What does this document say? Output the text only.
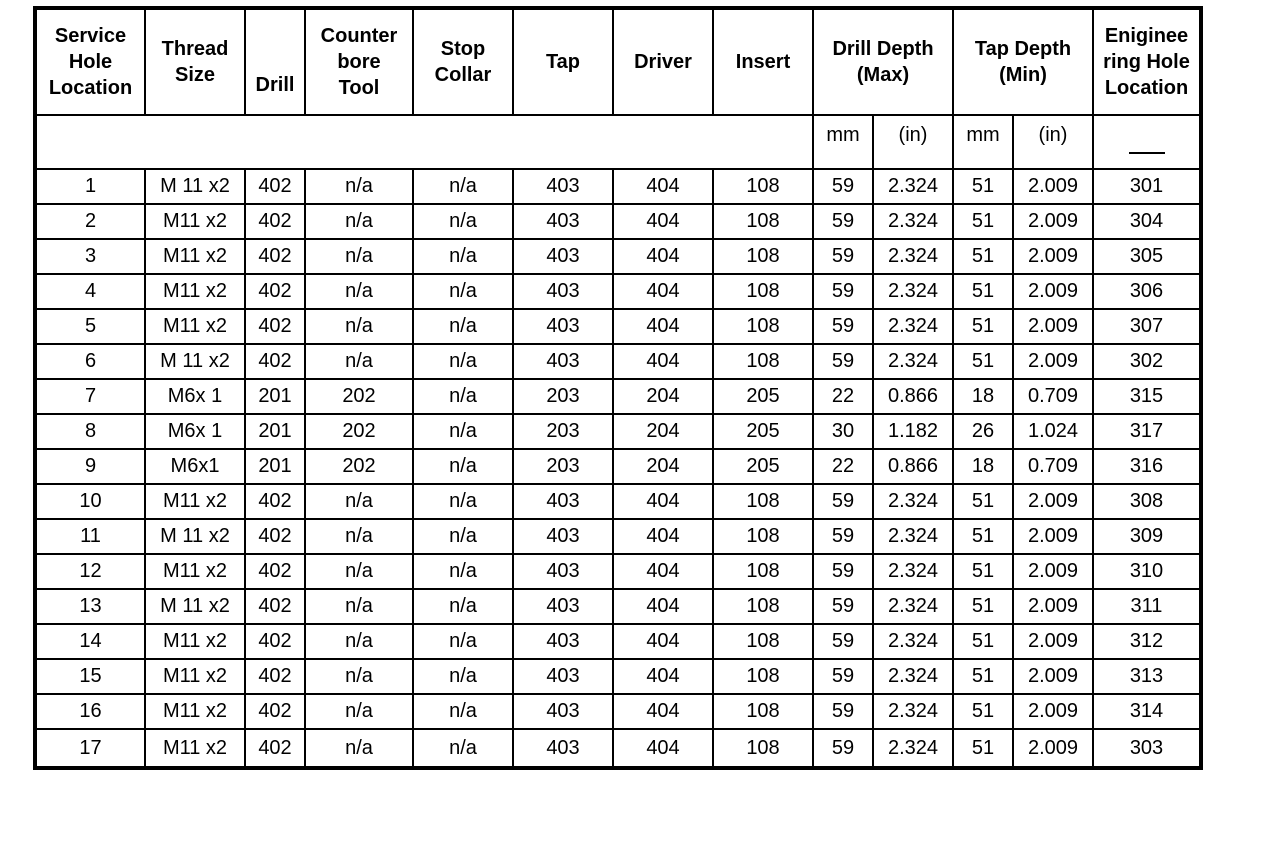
Service
Hole
Location	Thread
Size	Drill	Counter
bore
Tool	Stop
Collar	Tap	Driver	Insert	Drill Depth
(Max)		Tap Depth
(Min)		Eniginee
ring Hole
Location

								mm	(in)	mm	(in)	
1	M 11 x2	402	n/a	n/a	403	404	108	59	2.324	51	2.009	301
2	M11 x2	402	n/a	n/a	403	404	108	59	2.324	51	2.009	304
3	M11 x2	402	n/a	n/a	403	404	108	59	2.324	51	2.009	305
4	M11 x2	402	n/a	n/a	403	404	108	59	2.324	51	2.009	306
5	M11 x2	402	n/a	n/a	403	404	108	59	2.324	51	2.009	307
6	M 11 x2	402	n/a	n/a	403	404	108	59	2.324	51	2.009	302
7	M6x 1	201	202	n/a	203	204	205	22	0.866	18	0.709	315
8	M6x 1	201	202	n/a	203	204	205	30	1.182	26	1.024	317
9	M6x1	201	202	n/a	203	204	205	22	0.866	18	0.709	316
10	M11 x2	402	n/a	n/a	403	404	108	59	2.324	51	2.009	308
11	M 11 x2	402	n/a	n/a	403	404	108	59	2.324	51	2.009	309
12	M11 x2	402	n/a	n/a	403	404	108	59	2.324	51	2.009	310
13	M 11 x2	402	n/a	n/a	403	404	108	59	2.324	51	2.009	311
14	M11 x2	402	n/a	n/a	403	404	108	59	2.324	51	2.009	312
15	M11 x2	402	n/a	n/a	403	404	108	59	2.324	51	2.009	313
16	M11 x2	402	n/a	n/a	403	404	108	59	2.324	51	2.009	314
17	M11 x2	402	n/a	n/a	403	404	108	59	2.324	51	2.009	303
